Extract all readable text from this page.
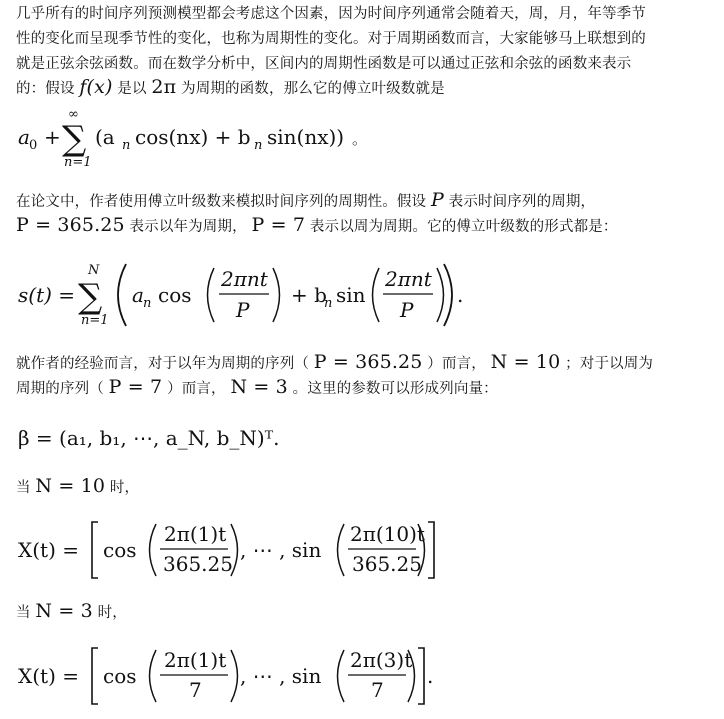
几乎所有的时间序列预测模型都会考虑这个因素，因为时间序列通常会随着天，周，月，年等季节
性的变化而呈现季节性的变化，也称为周期性的变化。对于周期函数而言，大家能够马上联想到的
就是正弦余弦函数。而在数学分析中，区间内的周期性函数是可以通过正弦和余弦的函数来表示
的：假设 f(x) 是以 2π 为周期的函数，那么它的傅立叶级数就是
a 0 +
∞
∑
n=1
(a n cos(nx) + b n sin(nx)) 。
在论文中，作者使用傅立叶级数来模拟时间序列的周期性。假设 P 表示时间序列的周期，
P = 365.25 表示以年为周期， P = 7 表示以周为周期。它的傅立叶级数的形式都是：
s(t) =
N
∑
n=1
a n cos
2πnt
P
+ b
n sin
2πnt
P
.
就作者的经验而言，对于以年为周期的序列（ P = 365.25 ）而言， N = 10 ；对于以周为
周期的序列（ P = 7 ）而言， N = 3 。这里的参数可以形成列向量：
β = (a₁, b₁, ⋯, a_N, b_N)ᵀ.
当 N = 10 时，
X(t) = cos
2π(1)t
365.25
, ⋯ , sin
2π(10)t
365.25
当 N = 3 时，
X(t) = cos
2π(1)t
7
, ⋯ , sin
2π(3)t
7
.
